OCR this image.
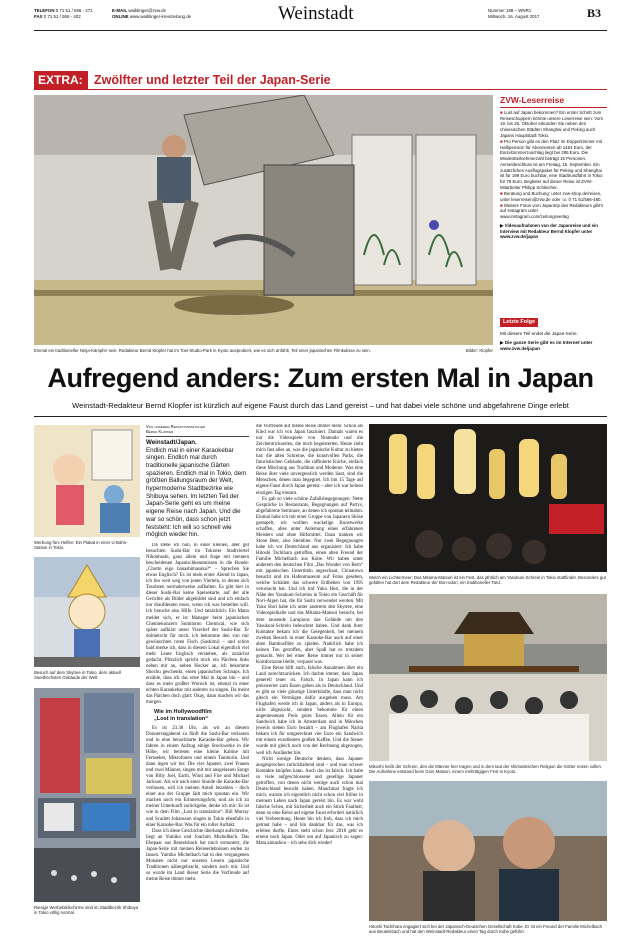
TELEFON 0 71 51 / 566 - 271
FAX 0 71 51 / 566 - 402
E-MAIL waiblinger@zvw.de
ONLINE www.waiblinger-kreiszeitung.de	Weinstadt	Nummer 188 – WNR1
Mittwoch, 16. August 2017	B3
EXTRA: Zwölfter und letzter Teil der Japan-Serie
Einmal ein traditioneller Ninja-Kämpfer sein: Redakteur Bernd Klopfer hat im Toei-Studio-Park in Kyoto ausprobiert, wie es sich anfühlt, Teil einer japanischen Filmkulisse zu sein.	Bilder: Klopfer
ZVW-Leserreise
■ Lust auf Japan bekommen? Ein erster Schritt zum Reiseschuppern könnte unsere Leserreise sein: Vom 19. bis 26. Oktober erkunden Sie neben den chinesischen Städten Shanghai und Peking auch Japans Hauptstadt Tokio.
■ Pro Person gibt es den Platz im Doppelzimmer mit Halbpension für Abonnenten ab 1454 Euro, der Einzelzimmerzuschlag liegt bei 285 Euro. Die Mindestteilnehmerzahl beträgt 15 Personen. Anmeldeschluss ist am Freitag, 15. September. Ein zusätzliches Ausflugspaket für Peking und Shanghai ist für 199 Euro buchbar, eine Stadtrundfahrt in Tokio für 79 Euro. Begleiter auf dieser Reise ist ZVW-Mitarbeiter Philipp Schleicher.
■ Beratung und Buchung: unter zvw-shop.de/reisen, unter leserreisen@zvw.de oder ☏ 0 71 51/566-480.
■ Weitere Fotos vom Japantrip des Redakteurs gibt's auf Instagram unter www.instagram.com/zeitungsverlag
▶ Videoaufnahmen von der Japanreise und ein Interview mit Redakteur Bernd Klopfer unter www.zvw.de/japan
Letzte Folge
Mit diesem Teil endet die Japan-Serie.
▶ Die ganze Serie gibt es im Internet unter www.zvw.de/japan
Aufregend anders: Zum ersten Mal in Japan
Weinstadt-Redakteur Bernd Klopfer ist kürzlich auf eigene Faust durch das Land gereist – und hat dabei viele schöne und abgefahrene Dinge erlebt
Werbung fürs Helfen: Ein Plakat in einer U-Bahn-Station in Tokio.
Besuch auf dem Skytree in Tokio, dem aktuell zweithöchsten Gebäude der Welt.
Riesige Werbebildschirme sind im Stadtbezirk Shibuya in Tokio völlig normal.
Von unserem Redaktionsmitglied
Bernd Klopfer
Weinstadt/Japan.
Endlich mal in einer Karaokebar singen. Endlich mal durch traditionelle japanische Gärten spazieren. Endlich mal in Tokio, dem größten Ballungsraum der Welt, hypermoderne Stadtbezirke wie Shibuya sehen. Im letzten Teil der Japan-Serie geht es um meine eigene Reise nach Japan. Und die war so schön, dass schon jetzt feststeht: Ich will so schnell wie möglich wieder hin.

Da stehe ich nun, in einer kleinen, aber gut besuchten Sushi-Bar im Tokioter Stadtviertel Nihonbashi, ganz allein und frage mit meinem bescheidenen Japanischkenntnissen in die Runde: „Chotto eigo hanashimasuka?“ – Sprechen Sie etwas Englisch? Es ist mein erster Abend in Japan, ich bin weit weg von jenen Vierteln, in denen sich Touristen normalerweise aufhalten. Es gibt hier in dieser Sushi-Bar keine Speisekarte, auf der alle Gerichte als Bilder abgebildet sind und ich einfach nur draufdeuten muss, wenn ich was bestellen will. Ich brauche also Hilfe. Und tatsächlich: Ein Mann meldet sich, er ist Manager beim japanischen Chemiekonzern Sumitomo Chemical, wie sich später aufklärt unser Vizechef der Sushi-Bar. Er dolmetscht für mich, ich bekomme den von mir gewünschten roten Fisch (Sashimi) – und schon bald merke ich, dass in diesem Lokal eigentlich viel mehr Leute Englisch verstehen, als zunächst gedacht. Plötzlich spricht mich ein Pärchen links neben mir an, neben Hocker an, ich bekomme Shochu geschenkt, einen japanischen Schnaps. Ich erzähle, dass ich das erste Mal in Japan bin – und dass es mein großter Wunsch ist, einmal in einer echten Karaokebar mit anderen zu singen. Da meint das Pärchen doch glatt: Okay, dann machen wir das morgen.

Wie im Hollywoodfilm
„Lost in translation“

Es ist 23.30 Uhr, als wir an diesem Donnerstagabend zu fünft die Sushi-Bar verlassen und in eine benachbarte Karaoke-Bar gehen. Wir fahren in einem Aufzug einige Stockwerke in die Höhe, wir betreten eine kleine Kabine mit Fernseher, Mikrofonen und einem Tamburin. Und dann legen wir los: Die vier Japaner, zwei Frauen und zwei Männer, singen mit mir ausgelassen Songs von Billy Joel, Earth, Wind and Fire und Michael Jackson. Als wir nach einer Stunde die Karaoke-Bar verlassen, will ich meinen Anteil bezahlen – doch einer aus der Gruppe lädt mich spontan ein. Wir machen noch ein Erinnerungsfoto, und als ich zu meiner Unterkunft zurückgehe, denke ich mir: Es ist wie in dem Film „Lost in translation“: Bill Murray und Scarlett Johansson singen in Tokio ebenfalls in einer Karaoke-Bar. Was für ein toller Auftakt.

Dass ich diese Geschichte überhaupt aufschreibe, liegt an Yumiko und Joachim Michelbach. Das Ehepaar aus Beutelsbach hat mich ermuntert, die Japan-Serie mit meinen Reiseerlebnissen enden zu lassen. Yumiko Michelbach hat in den vergangenen Monaten nicht nur unseren Lesern japanische Traditionen nähergebracht, sondern auch mir. Und so wurde im Land dieser Serie die Vorfreude auf meine Reise immer mehr.

die Vorfreude auf meine Reise immer mehr. Schon als Kind war ich von Japan fasziniert. Damals waren es nur die Videospiele von Nintendo und die Zeichentrickserien, die mich begeisterten. Heute zieht mich fast alles an, was die japanische Kultur zu bieten hat: die alten Schreine, die kunstvollen Parks, die futuristischen Gebäude, die raffinierte Küche, einfach diese Mischung aus Tradition und Moderne. Was eine Reise über viele unvergesslich werden lässt, sind die Menschen, denen man begegnet. Ich bin 15 Tage auf eigene Faust durch Japan gereist – aber ich war keinen einzigen Tag einsam.

Es gab so viele schöne Zufallsbegegnungen: Nette Gespräche in Restaurants, Begegnungen auf Partys, abgefahrene Seminare, an denen ich spontan teilnahm. Einmal habe ich mit einer Gruppe von Japanern Shōse gestapelt, wir wollten wackelige Kunstwerke schaffen, alles unter Anleitung eines erfahrenen Meisters und ohne Hilfsmittel. Dazu tranken wir Stone Beer, also Steinbier. Nur zwei Begegnungen habe ich vor Deutschland aus organisiert: Ich habe Hitoshi Tachihara getroffen, einen alten Freund der Familie Michelbach aus Kobe. Wir haben unter anderem den deutschen Film „Das Wunder von Bern“ mit japanischen Untertiteln angeschaut, Chinatown besucht und im Hafenmuseum auf Fotos gesehen, welche Schäden das schwere Erdbeben von 1995 verursacht hat. Und ich traf Yuko Hori, die in der Nähe des Yasukuni-Schreins in Tokio ein Geschäft für Nori-Algen hat, die für Sushi verwendet werden. Mit Yuko Hori habe ich unter anderem den Skytree, eine Videospielhalle und das Mitama-Matsuri besucht, bei dem tausende Lampions das Gelände um den Yasukuni-Schrein beleuchtet haben. Und dank ihrer Kontakte bekam ich die Gelegenheit, bei meinem zweiten Besuch in einer Karaoke-Bar auch auf einer alten Bambusflöte zu spielen. Natürlich habe ich keinen Ton getroffen, aber Spaß hat es trotzdem gemacht. Wer bei einer Reise immer nur in seiner Komfortzone bleibt, verpasst was.

Eine Reise hilft auch, falsche Annahmen über ein Land zurechtzurücken. Ich dachte immer, dass Japan generell teuer ist. Falsch. In Japan kann ich preiswerter zum Essen gehen als in Deutschland. Und es gibt so viele günstige Unterkünfte, dass man nicht gleich ein Vermögen dafür ausgeben muss. Am Flughafen werde ich in Japan, anders als in Europa, nicht abgezockt, sondern bekomme für einen angemessenen Preis gutes Essen. Allein für ein Sandwich habe ich in Amsterdam und in München jeweils sieben Euro bezahlt – am Flughafen Narita bekam ich für umgerechnet vier Euro ein Sandwich mit einem exzellenten großen Kaffee. Und die Steuer wurde mir gleich noch von der Rechnung abgezogen, weil ich Ausländer bin.

Nicht wenige Deutsche denken, dass Japaner ausgesprochen zurückhaltend sind – und man schwer Kontakte knüpfen kann. Auch das ist falsch. Ich habe so viele aufgeschlossene und gesellige Japaner getroffen, von denen nicht wenige auch schon mal Deutschland besucht haben. Manchmal fragte ich mich, warum ich eigentlich nicht schon viel früher in meinem Leben nach Japan gereist bin. Es war wohl falsche Scheu, mit Sicherheit auch ein Stück Faulheit, denn so eine Reise auf eigene Faust erfordert natürlich viel Vorbereitung. Heute bin ich froh, dass ich mich getraut habe – und bin dankbar für das, was ich erleben durfte. Eines steht schon fest: 2018 geht es erneut nach Japan. Oder um auf Japanisch zu sagen: Mata aimashou – ich sehe dich wieder!

Welch ein Lichtermeer: Das Mitama-Matsuri ist ein Fest, das jährlich am Yasukuni-Schrein in Tokio stattfindet. Besonders gut gefallen hat dort dem Redakteur der Bon-odori, ein traditioneller Tanz.
Mikoshi heißt der Schrein, den die Männer hier tragen und in dem laut der shintoistischen Religion die Götter reisen sollen. Die Aufnahme entstand beim Gion Matsuri, einem mehrtägigen Fest in Kyoto.
Hitoshi Tachihara engagiert sich bei der Japanisch-Deutschen Gesellschaft Kobe. Er ist ein Freund der Familie Michelbach aus Beutelsbach und hat den Weinstadt-Redakteur einen Tag durch Kobe geführt.
